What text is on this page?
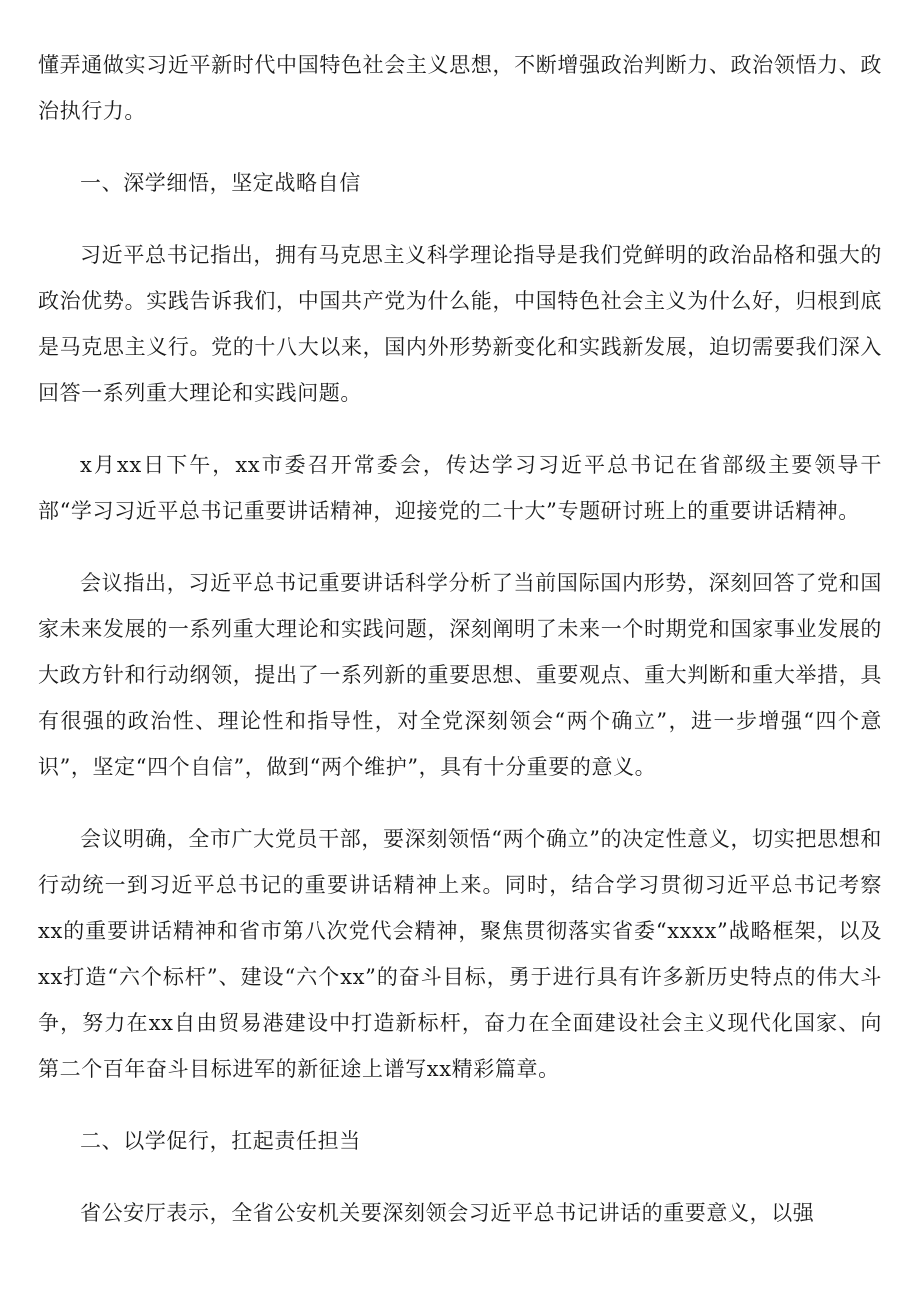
懂弄通做实习近平新时代中国特色社会主义思想，不断增强政治判断力、政治领悟力、政治执行力。

一、深学细悟，坚定战略自信

习近平总书记指出，拥有马克思主义科学理论指导是我们党鲜明的政治品格和强大的政治优势。实践告诉我们，中国共产党为什么能，中国特色社会主义为什么好，归根到底是马克思主义行。党的十八大以来，国内外形势新变化和实践新发展，迫切需要我们深入回答一系列重大理论和实践问题。

x月xx日下午，xx市委召开常委会，传达学习习近平总书记在省部级主要领导干部“学习习近平总书记重要讲话精神，迎接党的二十大”专题研讨班上的重要讲话精神。

会议指出，习近平总书记重要讲话科学分析了当前国际国内形势，深刻回答了党和国家未来发展的一系列重大理论和实践问题，深刻阐明了未来一个时期党和国家事业发展的大政方针和行动纲领，提出了一系列新的重要思想、重要观点、重大判断和重大举措，具有很强的政治性、理论性和指导性，对全党深刻领会“两个确立”，进一步增强“四个意识”，坚定“四个自信”，做到“两个维护”，具有十分重要的意义。

会议明确，全市广大党员干部，要深刻领悟“两个确立”的决定性意义，切实把思想和行动统一到习近平总书记的重要讲话精神上来。同时，结合学习贯彻习近平总书记考察xx的重要讲话精神和省市第八次党代会精神，聚焦贯彻落实省委“xxxx”战略框架，以及xx打造“六个标杆”、建设“六个xx”的奋斗目标，勇于进行具有许多新历史特点的伟大斗争，努力在xx自由贸易港建设中打造新标杆，奋力在全面建设社会主义现代化国家、向第二个百年奋斗目标进军的新征途上谱写xx精彩篇章。

二、以学促行，扛起责任担当

省公安厅表示，全省公安机关要深刻领会习近平总书记讲话的重要意义，以强
